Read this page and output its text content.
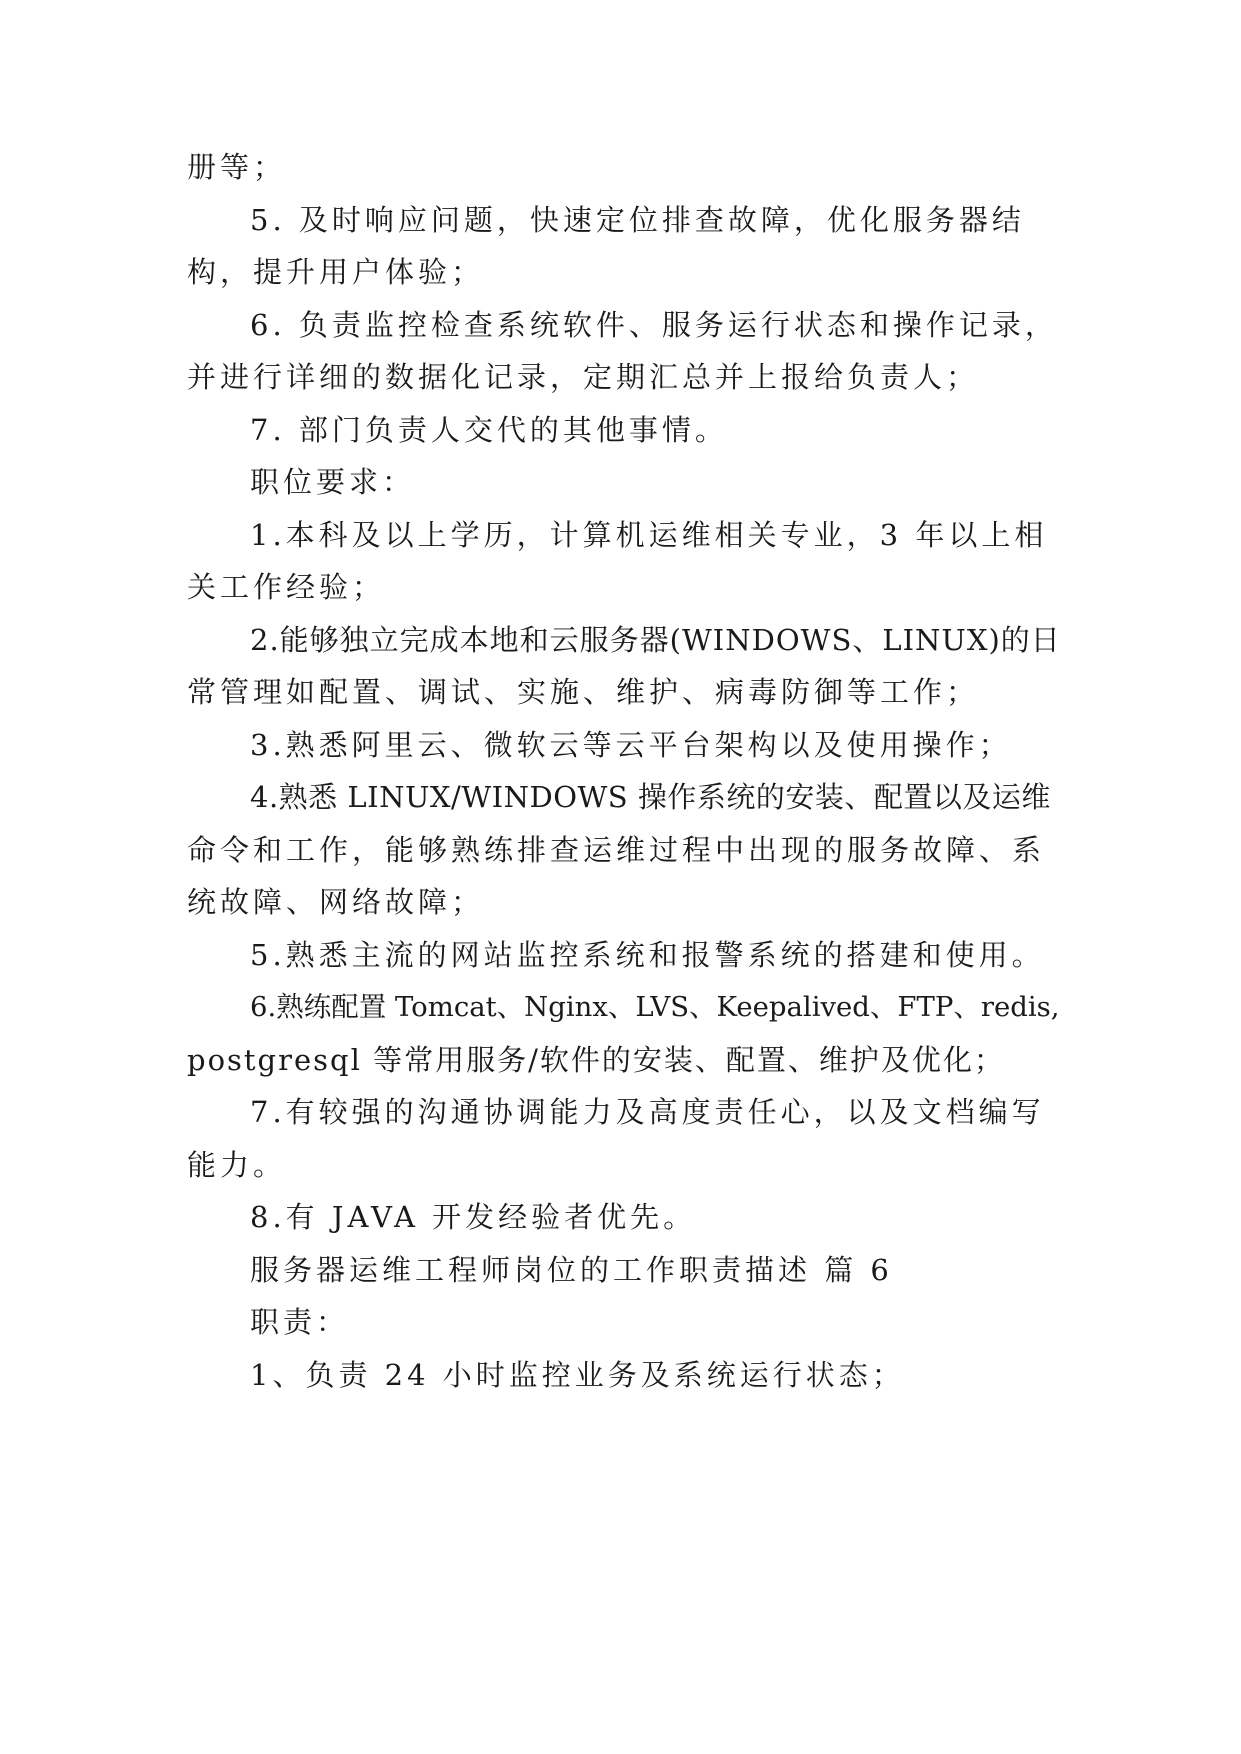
册等；
5. 及时响应问题，快速定位排查故障，优化服务器结
构，提升用户体验；
6. 负责监控检查系统软件、服务运行状态和操作记录，
并进行详细的数据化记录，定期汇总并上报给负责人；
7. 部门负责人交代的其他事情。
职位要求：
1.本科及以上学历，计算机运维相关专业，3 年以上相
关工作经验；
2.能够独立完成本地和云服务器(WINDOWS、LINUX)的日
常管理如配置、调试、实施、维护、病毒防御等工作；
3.熟悉阿里云、微软云等云平台架构以及使用操作；
4.熟悉 LINUX/WINDOWS 操作系统的安装、配置以及运维
命令和工作，能够熟练排查运维过程中出现的服务故障、系
统故障、网络故障；
5.熟悉主流的网站监控系统和报警系统的搭建和使用。
6.熟练配置 Tomcat、Nginx、LVS、Keepalived、FTP、redis,
postgresql 等常用服务/软件的安装、配置、维护及优化；
7.有较强的沟通协调能力及高度责任心，以及文档编写
能力。
8.有 JAVA 开发经验者优先。
服务器运维工程师岗位的工作职责描述 篇 6
职责：
1、负责 24 小时监控业务及系统运行状态；
